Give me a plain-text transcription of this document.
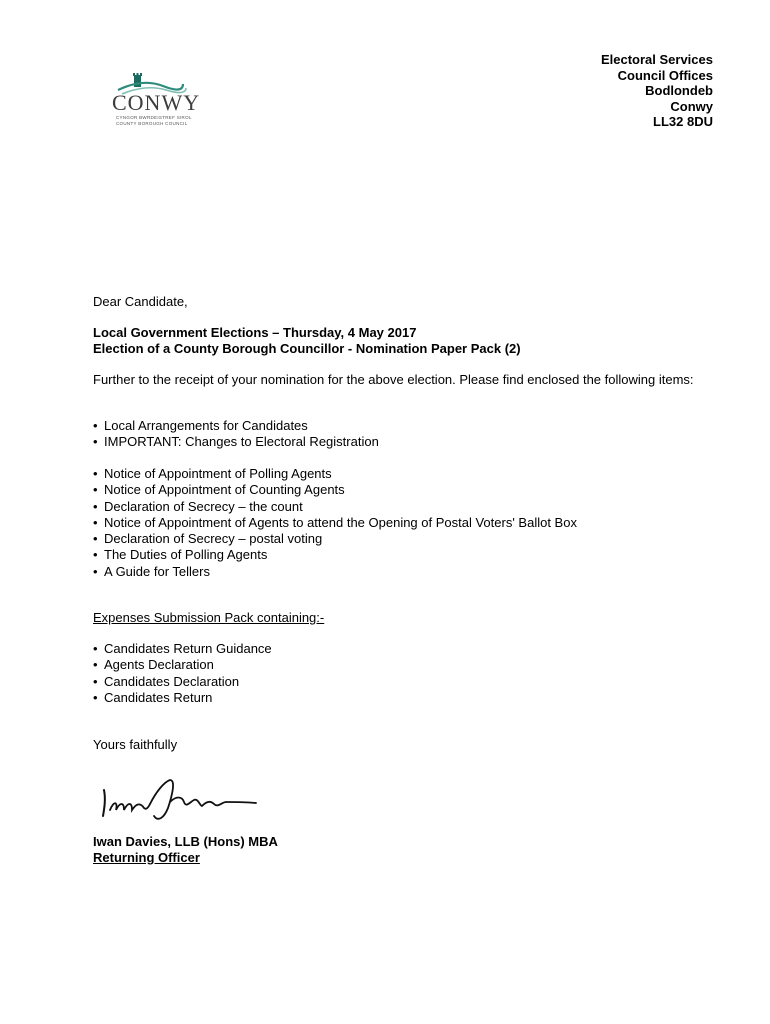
CONWY
CYNGOR BWRDEISTREF SIROL
COUNTY BOROUGH COUNCIL
Electoral Services
Council Offices
Bodlondeb
Conwy
LL32 8DU
Dear Candidate,
Local Government Elections – Thursday, 4 May 2017
Election of a County Borough Councillor - Nomination Paper Pack (2)
Further to the receipt of your nomination for the above election. Please find enclosed the following items:
• Local Arrangements for Candidates
• IMPORTANT: Changes to Electoral Registration
• Notice of Appointment of Polling Agents
• Notice of Appointment of Counting Agents
• Declaration of Secrecy – the count
• Notice of Appointment of Agents to attend the Opening of Postal Voters' Ballot Box
• Declaration of Secrecy – postal voting
• The Duties of Polling Agents
• A Guide for Tellers
Expenses Submission Pack containing:-
• Candidates Return Guidance
• Agents Declaration
• Candidates Declaration
• Candidates Return
Yours faithfully
Iwan Davies, LLB (Hons) MBA
Returning Officer
